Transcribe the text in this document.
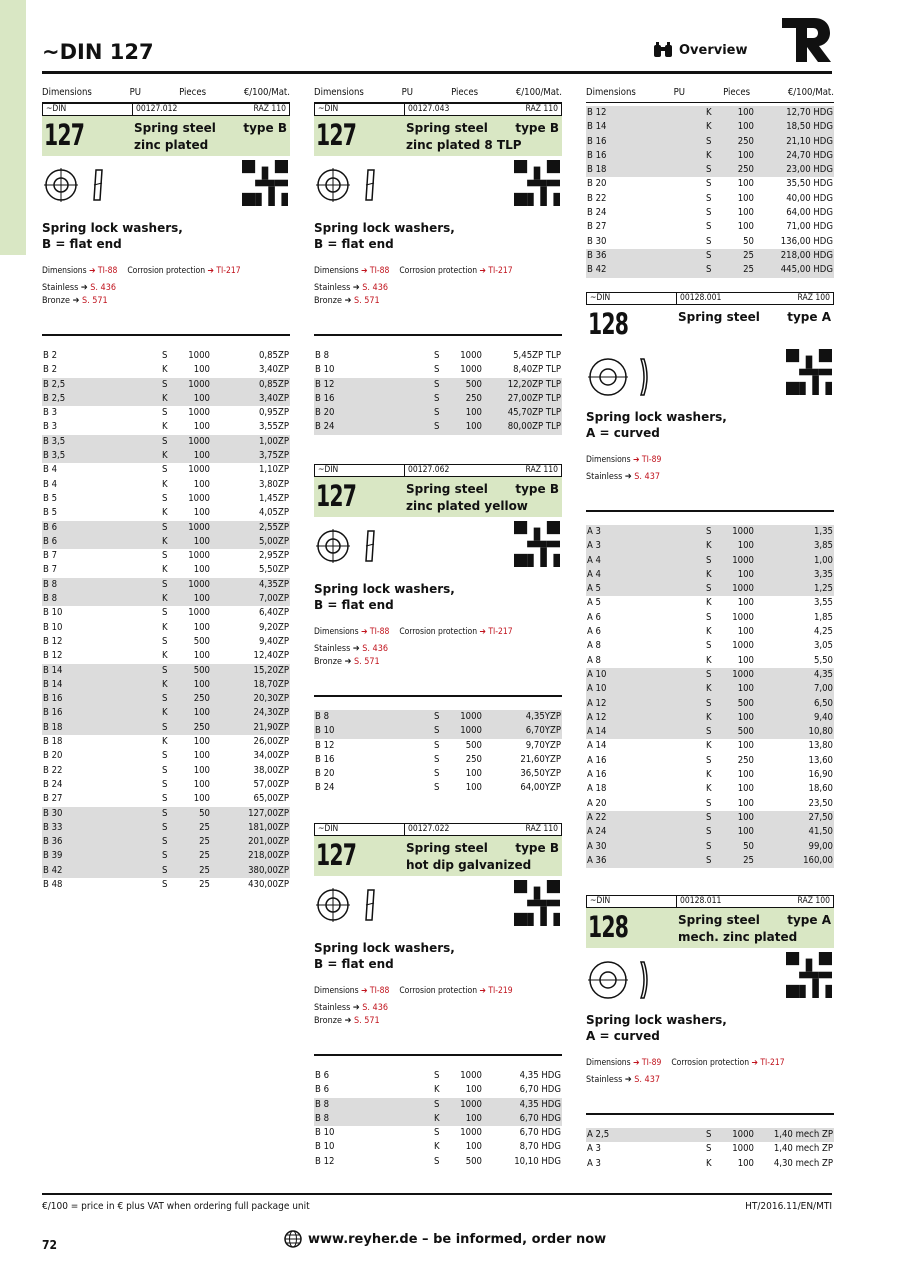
~DIN 127	Overview
Dimensions	PU	Pieces	€/100/Mat.
~DIN	00127.012	RAZ 110
127	Spring steel
zinc plated
type B
Spring lock washers,
B = flat end
Dimensions ➔ TI-88 Corrosion protection ➔ TI-217
Stainless ➔ S. 436
Bronze ➔ S. 571
B 2	S	1000	0,85ZP
B 2	K	100	3,40ZP
B 2,5	S	1000	0,85ZP
B 2,5	K	100	3,40ZP
B 3	S	1000	0,95ZP
B 3	K	100	3,55ZP
B 3,5	S	1000	1,00ZP
B 3,5	K	100	3,75ZP
B 4	S	1000	1,10ZP
B 4	K	100	3,80ZP
B 5	S	1000	1,45ZP
B 5	K	100	4,05ZP
B 6	S	1000	2,55ZP
B 6	K	100	5,00ZP
B 7	S	1000	2,95ZP
B 7	K	100	5,50ZP
B 8	S	1000	4,35ZP
B 8	K	100	7,00ZP
B 10	S	1000	6,40ZP
B 10	K	100	9,20ZP
B 12	S	500	9,40ZP
B 12	K	100	12,40ZP
B 14	S	500	15,20ZP
B 14	K	100	18,70ZP
B 16	S	250	20,30ZP
B 16	K	100	24,30ZP
B 18	S	250	21,90ZP
B 18	K	100	26,00ZP
B 20	S	100	34,00ZP
B 22	S	100	38,00ZP
B 24	S	100	57,00ZP
B 27	S	100	65,00ZP
B 30	S	50	127,00ZP
B 33	S	25	181,00ZP
B 36	S	25	201,00ZP
B 39	S	25	218,00ZP
B 42	S	25	380,00ZP
B 48	S	25	430,00ZP
Dimensions	PU	Pieces	€/100/Mat.
~DIN	00127.043	RAZ 110
127	Spring steel
zinc plated 8 TLP
type B
Spring lock washers,
B = flat end
Dimensions ➔ TI-88 Corrosion protection ➔ TI-217
Stainless ➔ S. 436
Bronze ➔ S. 571
B 8	S	1000	5,45ZP TLP
B 10	S	1000	8,40ZP TLP
B 12	S	500	12,20ZP TLP
B 16	S	250	27,00ZP TLP
B 20	S	100	45,70ZP TLP
B 24	S	100	80,00ZP TLP
~DIN	00127.062	RAZ 110
127	Spring steel
zinc plated yellow
type B
Spring lock washers,
B = flat end
Dimensions ➔ TI-88 Corrosion protection ➔ TI-217
Stainless ➔ S. 436
Bronze ➔ S. 571
B 8	S	1000	4,35YZP
B 10	S	1000	6,70YZP
B 12	S	500	9,70YZP
B 16	S	250	21,60YZP
B 20	S	100	36,50YZP
B 24	S	100	64,00YZP
~DIN	00127.022	RAZ 110
127	Spring steel
hot dip galvanized
type B
Spring lock washers,
B = flat end
Dimensions ➔ TI-88 Corrosion protection ➔ TI-219
Stainless ➔ S. 436
Bronze ➔ S. 571
B 6	S	1000	4,35 HDG
B 6	K	100	6,70 HDG
B 8	S	1000	4,35 HDG
B 8	K	100	6,70 HDG
B 10	S	1000	6,70 HDG
B 10	K	100	8,70 HDG
B 12	S	500	10,10 HDG
Dimensions	PU	Pieces	€/100/Mat.
B 12	K	100	12,70 HDG
B 14	K	100	18,50 HDG
B 16	S	250	21,10 HDG
B 16	K	100	24,70 HDG
B 18	S	250	23,00 HDG
B 20	S	100	35,50 HDG
B 22	S	100	40,00 HDG
B 24	S	100	64,00 HDG
B 27	S	100	71,00 HDG
B 30	S	50	136,00 HDG
B 36	S	25	218,00 HDG
B 42	S	25	445,00 HDG
~DIN	00128.001	RAZ 100
128	Spring steel type A
Spring lock washers,
A = curved
Dimensions ➔ TI-89
Stainless ➔ S. 437
A 3	S	1000	1,35
A 3	K	100	3,85
A 4	S	1000	1,00
A 4	K	100	3,35
A 5	S	1000	1,25
A 5	K	100	3,55
A 6	S	1000	1,85
A 6	K	100	4,25
A 8	S	1000	3,05
A 8	K	100	5,50
A 10	S	1000	4,35
A 10	K	100	7,00
A 12	S	500	6,50
A 12	K	100	9,40
A 14	S	500	10,80
A 14	K	100	13,80
A 16	S	250	13,60
A 16	K	100	16,90
A 18	K	100	18,60
A 20	S	100	23,50
A 22	S	100	27,50
A 24	S	100	41,50
A 30	S	50	99,00
A 36	S	25	160,00
~DIN	00128.011	RAZ 100
128	Spring steel
mech. zinc plated
type A
Spring lock washers,
A = curved
Dimensions ➔ TI-89 Corrosion protection ➔ TI-217
Stainless ➔ S. 437
A 2,5	S	1000	1,40 mech ZP
A 3	S	1000	1,40 mech ZP
A 3	K	100	4,30 mech ZP
€/100 = price in € plus VAT when ordering full package unit	HT/2016.11/EN/MTI
72	www.reyher.de – be informed, order now
